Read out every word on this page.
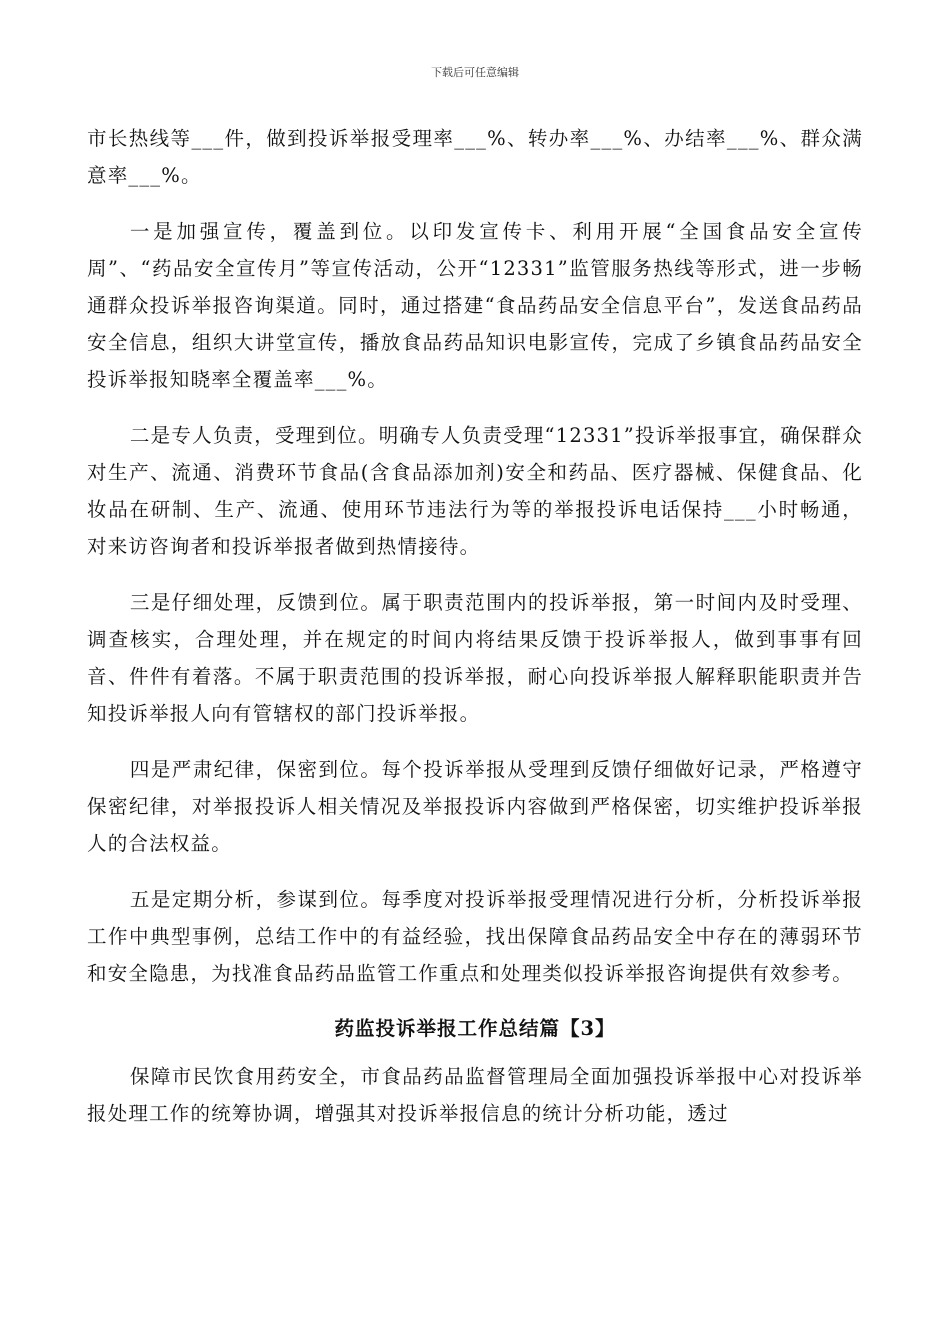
下载后可任意编辑

市长热线等___件，做到投诉举报受理率___%、转办率___%、办结率___%、群众满意率___%。

一是加强宣传，覆盖到位。以印发宣传卡、利用开展“全国食品安全宣传周”、“药品安全宣传月”等宣传活动，公开“12331”监管服务热线等形式，进一步畅通群众投诉举报咨询渠道。同时，通过搭建“食品药品安全信息平台”，发送食品药品安全信息，组织大讲堂宣传，播放食品药品知识电影宣传，完成了乡镇食品药品安全投诉举报知晓率全覆盖率___%。

二是专人负责，受理到位。明确专人负责受理“12331”投诉举报事宜，确保群众对生产、流通、消费环节食品(含食品添加剂)安全和药品、医疗器械、保健食品、化妆品在研制、生产、流通、使用环节违法行为等的举报投诉电话保持___小时畅通，对来访咨询者和投诉举报者做到热情接待。

三是仔细处理，反馈到位。属于职责范围内的投诉举报，第一时间内及时受理、调查核实，合理处理，并在规定的时间内将结果反馈于投诉举报人，做到事事有回音、件件有着落。不属于职责范围的投诉举报，耐心向投诉举报人解释职能职责并告知投诉举报人向有管辖权的部门投诉举报。

四是严肃纪律，保密到位。每个投诉举报从受理到反馈仔细做好记录，严格遵守保密纪律，对举报投诉人相关情况及举报投诉内容做到严格保密，切实维护投诉举报人的合法权益。

五是定期分析，参谋到位。每季度对投诉举报受理情况进行分析，分析投诉举报工作中典型事例，总结工作中的有益经验，找出保障食品药品安全中存在的薄弱环节和安全隐患，为找准食品药品监管工作重点和处理类似投诉举报咨询提供有效参考。

药监投诉举报工作总结篇【3】

保障市民饮食用药安全，市食品药品监督管理局全面加强投诉举报中心对投诉举报处理工作的统筹协调，增强其对投诉举报信息的统计分析功能，透过
